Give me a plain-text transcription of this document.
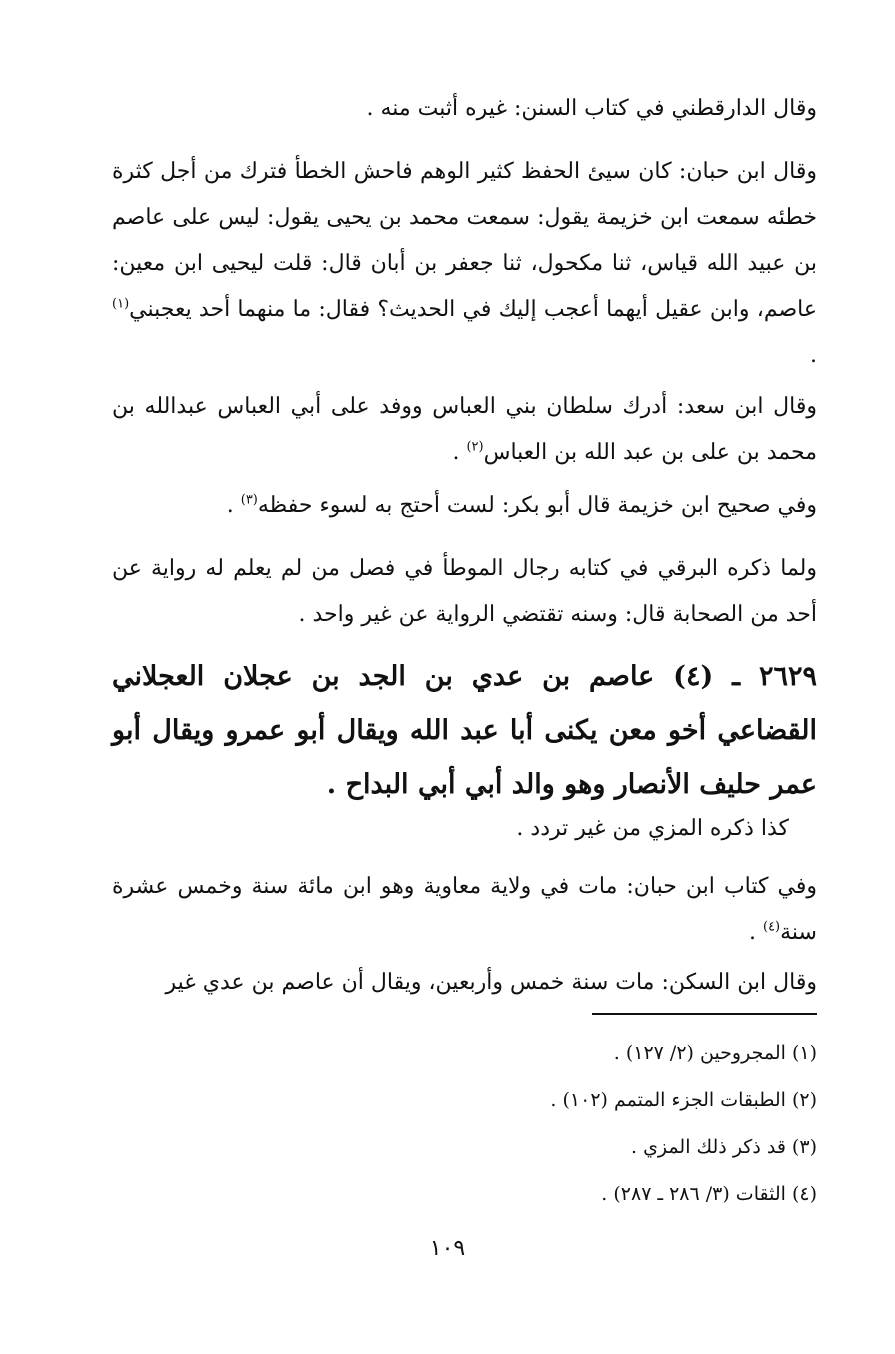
وقال الدارقطني في كتاب السنن: غيره أثبت منه .

وقال ابن حبان: كان سيئ الحفظ كثير الوهم فاحش الخطأ فترك من أجل كثرة خطئه سمعت ابن خزيمة يقول: سمعت محمد بن يحيى يقول: ليس على عاصم بن عبيد الله قياس، ثنا مكحول، ثنا جعفر بن أبان قال: قلت ليحيى ابن معين: عاصم، وابن عقيل أيهما أعجب إليك في الحديث؟ فقال: ما منهما أحد يعجبني$^{(١)}$ .

وقال ابن سعد: أدرك سلطان بني العباس ووفد على أبي العباس عبدالله بن محمد بن على بن عبد الله بن العباس$^{(٢)}$ .

وفي صحيح ابن خزيمة قال أبو بكر: لست أحتج به لسوء حفظه$^{(٣)}$ .

ولما ذكره البرقي في كتابه رجال الموطأ في فصل من لم يعلم له رواية عن أحد من الصحابة قال: وسنه تقتضي الرواية عن غير واحد .

٢٦٢٩ ـ (٤) عاصم بن عدي بن الجد بن عجلان العجلاني القضاعي أخو معن يكنى أبا عبد الله ويقال أبو عمرو ويقال أبو عمر حليف الأنصار وهو والد أبي أبي البداح .

كذا ذكره المزي من غير تردد .

وفي كتاب ابن حبان: مات في ولاية معاوية وهو ابن مائة سنة وخمس عشرة سنة$^{(٤)}$ .

وقال ابن السكن: مات سنة خمس وأربعين، ويقال أن عاصم بن عدي غير

(١) المجروحين (٢/ ١٢٧) .
(٢) الطبقات الجزء المتمم (١٠٢) .
(٣) قد ذكر ذلك المزي .
(٤) الثقات (٣/ ٢٨٦ ـ ٢٨٧) .
١٠٩
